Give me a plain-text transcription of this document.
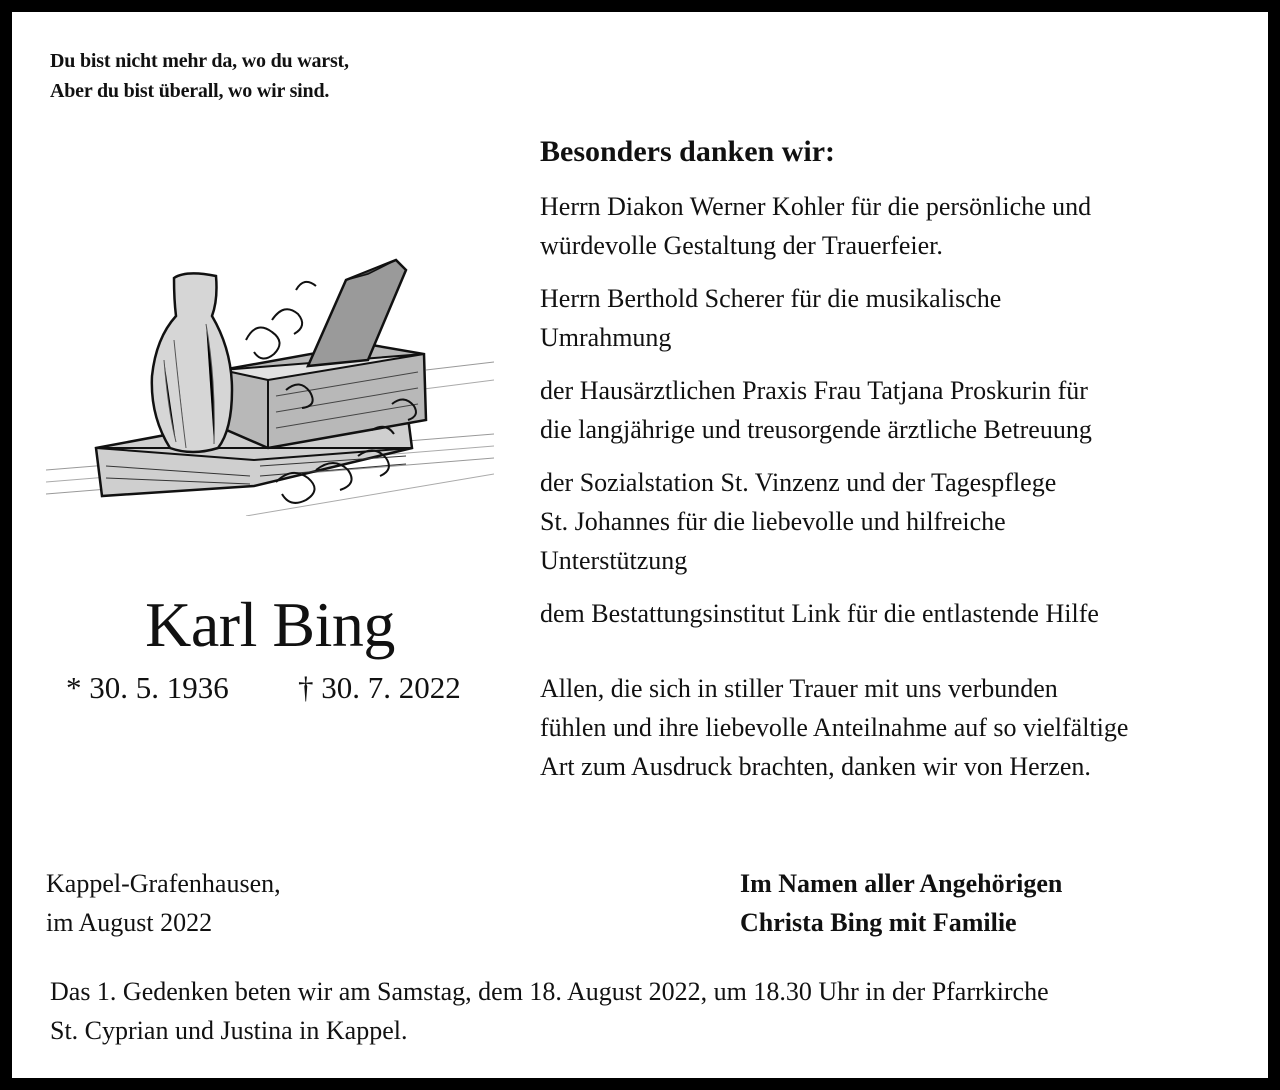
Du bist nicht mehr da, wo du warst,
Aber du bist überall, wo wir sind.
Karl Bing
* 30. 5. 1936 † 30. 7. 2022
Besonders danken wir:
Herrn Diakon Werner Kohler für die persönliche und
würdevolle Gestaltung der Trauerfeier.
Herrn Berthold Scherer für die musikalische
Umrahmung
der Hausärztlichen Praxis Frau Tatjana Proskurin für
die langjährige und treusorgende ärztliche Betreuung
der Sozialstation St. Vinzenz und der Tagespflege
St. Johannes für die liebevolle und hilfreiche
Unterstützung
dem Bestattungsinstitut Link für die entlastende Hilfe
Allen, die sich in stiller Trauer mit uns verbunden
fühlen und ihre liebevolle Anteilnahme auf so vielfältige
Art zum Ausdruck brachten, danken wir von Herzen.
Kappel-Grafenhausen,
im August 2022
Im Namen aller Angehörigen
Christa Bing mit Familie
Das 1. Gedenken beten wir am Samstag, dem 18. August 2022, um 18.30 Uhr in der Pfarrkirche
St. Cyprian und Justina in Kappel.
